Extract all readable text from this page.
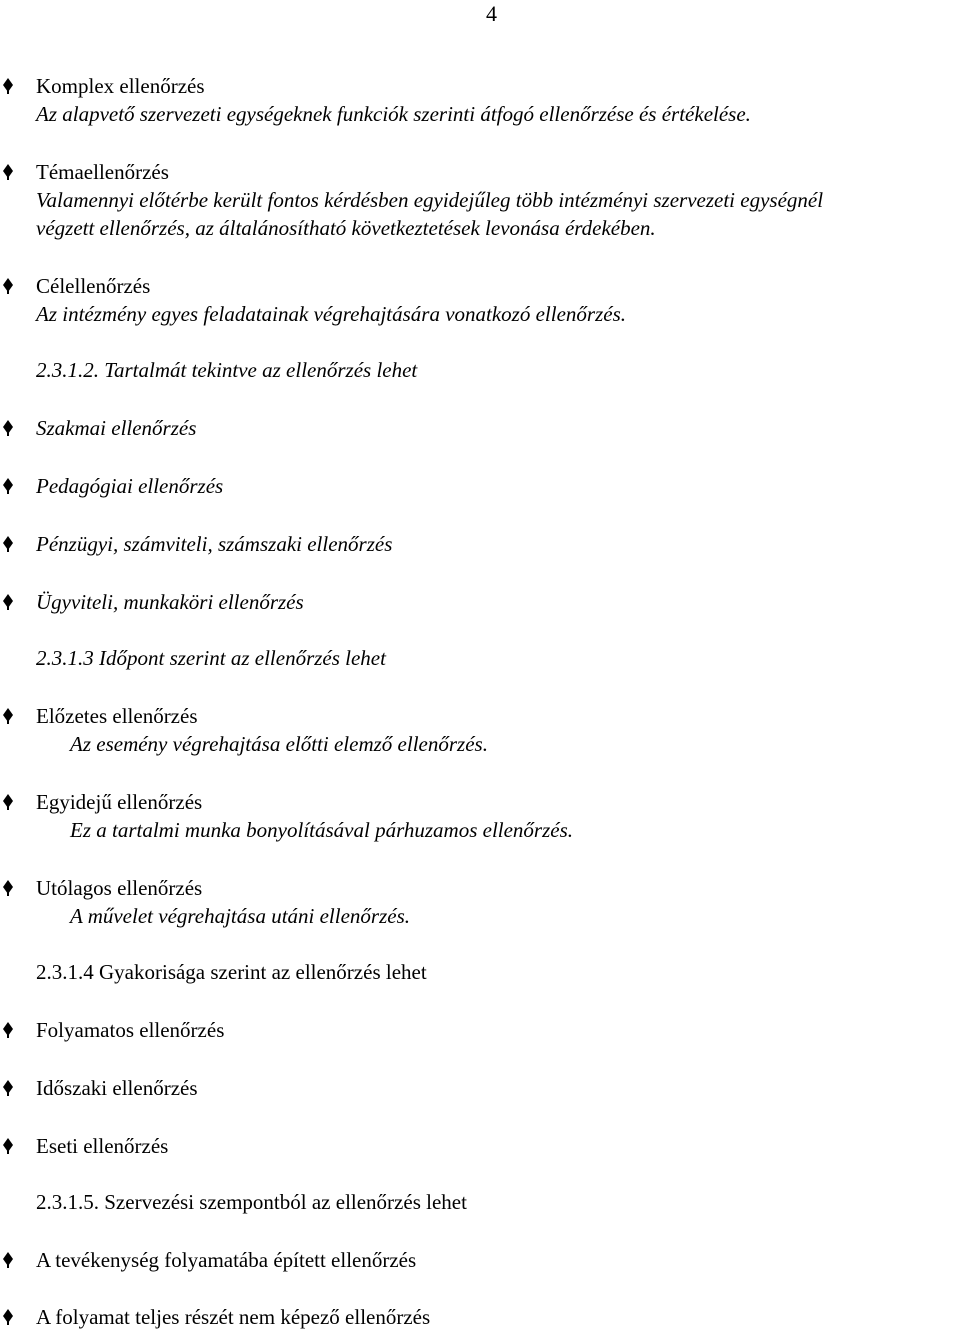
4
Komplex ellenőrzés
Az alapvető szervezeti egységeknek funkciók szerinti átfogó ellenőrzése és értékelése.
Témaellenőrzés
Valamennyi előtérbe került fontos kérdésben egyidejűleg több intézményi szervezeti egységnél
végzett ellenőrzés, az általánosítható következtetések levonása érdekében.
Célellenőrzés
Az intézmény egyes feladatainak végrehajtására vonatkozó ellenőrzés.
2.3.1.2. Tartalmát tekintve az ellenőrzés lehet
Szakmai ellenőrzés
Pedagógiai ellenőrzés
Pénzügyi, számviteli, számszaki ellenőrzés
Ügyviteli, munkaköri ellenőrzés
2.3.1.3 Időpont szerint az ellenőrzés lehet
Előzetes ellenőrzés
Az esemény végrehajtása előtti elemző ellenőrzés.
Egyidejű ellenőrzés
Ez a tartalmi munka bonyolításával párhuzamos ellenőrzés.
Utólagos ellenőrzés
A művelet végrehajtása utáni ellenőrzés.
2.3.1.4 Gyakorisága szerint az ellenőrzés lehet
Folyamatos ellenőrzés
Időszaki ellenőrzés
Eseti ellenőrzés
2.3.1.5. Szervezési szempontból az ellenőrzés lehet
A tevékenység folyamatába épített ellenőrzés
A folyamat teljes részét nem képező ellenőrzés
